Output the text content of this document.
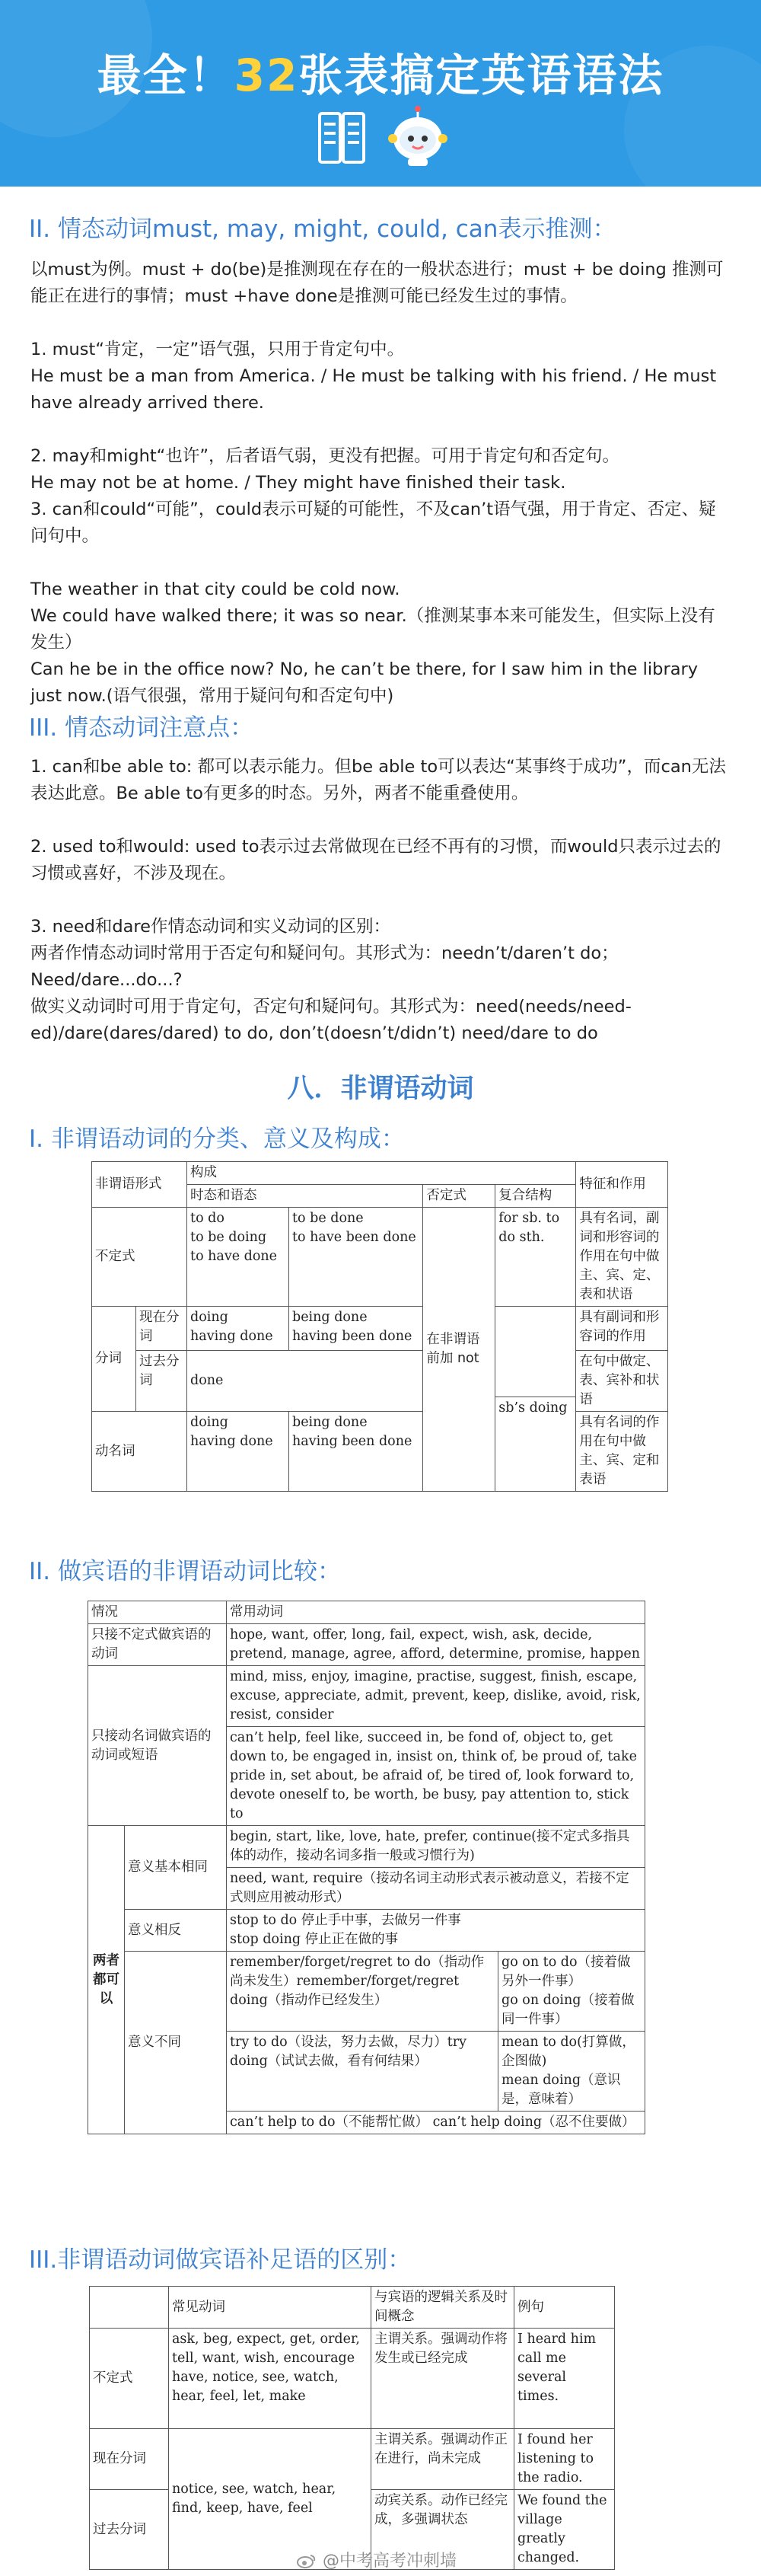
最全！32张表搞定英语语法
II. 情态动词must, may, might, could, can表示推测：

以must为例。must + do(be)是推测现在存在的一般状态进行；must + be doing 推测可能正在进行的事情；must +have done是推测可能已经发生过的事情。

1. must“肯定，一定”语气强，只用于肯定句中。

He must be a man from America. / He must be talking with his friend. / He must have already arrived there.

2. may和might“也许”，后者语气弱，更没有把握。可用于肯定句和否定句。

He may not be at home. / They might have finished their task.

3. can和could“可能”，could表示可疑的可能性，不及can’t语气强，用于肯定、否定、疑问句中。

The weather in that city could be cold now.

We could have walked there; it was so near.（推测某事本来可能发生，但实际上没有发生）

Can he be in the office now? No, he can’t be there, for I saw him in the library just now.(语气很强，常用于疑问句和否定句中)

III. 情态动词注意点：

1. can和be able to: 都可以表示能力。但be able to可以表达“某事终于成功”，而can无法表达此意。Be able to有更多的时态。另外，两者不能重叠使用。

2. used to和would: used to表示过去常做现在已经不再有的习惯，而would只表示过去的习惯或喜好，不涉及现在。

3. need和dare作情态动词和实义动词的区别：

两者作情态动词时常用于否定句和疑问句。其形式为：needn’t/daren’t do；Need/dare...do...?

做实义动词时可用于肯定句，否定句和疑问句。其形式为：need(needs/need-ed)/dare(dares/dared) to do, don’t(doesn’t/didn’t) need/dare to do

八．非谓语动词
I. 非谓语动词的分类、意义及构成：
非谓语形式		构成				特征和作用
		时态和语态		否定式	复合结构	
不定式		to do
to be doing
to have done	to be done
to have been done	在非谓语前加 not	for sb. to do sth.	具有名词，副词和形容词的作用在句中做主、宾、定、表和状语
分词	现在分词	doing
having done	being done
having been done		sb’s doing	具有副词和形容词的作用
	过去分词	done				在句中做定、表、宾补和状语
动名词		doing
having done	being done
having been done			具有名词的作用在句中做主、宾、定和表语
II. 做宾语的非谓语动词比较：
情况		常用动词	
只接不定式做宾语的动词		hope, want, offer, long, fail, expect, wish, ask, decide, pretend, manage, agree, afford, determine, promise, happen	
只接动名词做宾语的动词或短语		mind, miss, enjoy, imagine, practise, suggest, finish, escape, excuse, appreciate, admit, prevent, keep, dislike, avoid, risk, resist, consider	
		can’t help, feel like, succeed in, be fond of, object to, get down to, be engaged in, insist on, think of, be proud of, take pride in, set about, be afraid of, be tired of, look forward to, devote oneself to, be worth, be busy, pay attention to, stick to	
两者都可以	意义基本相同	begin, start, like, love, hate, prefer, continue(接不定式多指具体的动作，接动名词多指一般或习惯行为)	
		need, want, require（接动名词主动形式表示被动意义，若接不定式则应用被动形式）	
	意义相反	stop to do 停止手中事，去做另一件事
stop doing 停止正在做的事	

	意义不同	remember/forget/regret to do（指动作尚未发生）remember/forget/regret doing（指动作已经发生）	go on to do（接着做另外一件事）
go on doing（接着做同一件事）

		try to do（设法，努力去做，尽力）try doing（试试去做，看有何结果）	mean to do(打算做，企图做)
mean doing（意识是，意味着）

		can’t help to do（不能帮忙做） can’t help doing（忍不住要做）	
III.非谓语动词做宾语补足语的区别：
	常见动词	与宾语的逻辑关系及时间概念	例句
不定式	ask, beg, expect, get, order, tell, want, wish, encourage
have, notice, see, watch, hear, feel, let, make	主谓关系。强调动作将发生或已经完成	I heard him call me several times.
现在分词	notice, see, watch, hear, find, keep, have, feel	主谓关系。强调动作正在进行，尚未完成	I found her listening to the radio.
过去分词		动宾关系。动作已经完成，多强调状态	We found the village greatly changed.
@中考高考冲刺墙
